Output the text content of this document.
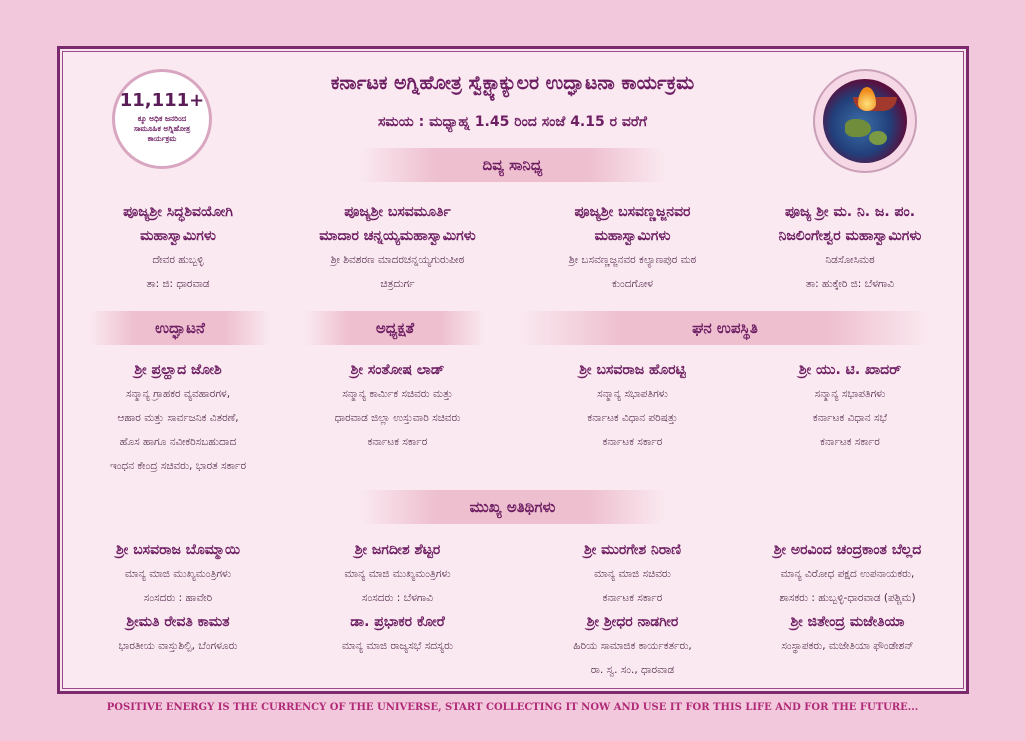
11,111+
ಕ್ಕೂ ಅಧಿಕ ಜನರಿಂದ ಸಾಮೂಹಿಕ ಅಗ್ನಿಹೋತ್ರ ಕಾರ್ಯಕ್ರಮ
ಕರ್ನಾಟಕ ಅಗ್ನಿಹೋತ್ರ ಸ್ವೆಕ್ಟ್ಯಾಕ್ಯುಲರ ಉದ್ಘಾಟನಾ ಕಾರ್ಯಕ್ರಮ
ಸಮಯ : ಮಧ್ಯಾಹ್ನ 1.45 ರಿಂದ ಸಂಜೆ 4.15 ರ ವರೆಗೆ
ದಿವ್ಯ ಸಾನಿಧ್ಯ
ಪೂಜ್ಯಶ್ರೀ ಸಿದ್ಧಶಿವಯೋಗಿ
ಮಹಾಸ್ವಾಮಿಗಳು
ದೇವರ ಹುಬ್ಬಳ್ಳಿ
ತಾ: ಜಿ: ಧಾರವಾಡ
ಪೂಜ್ಯಶ್ರೀ ಬಸವಮೂರ್ತಿ
ಮಾದಾರ ಚನ್ನಯ್ಯಮಹಾಸ್ವಾಮಿಗಳು
ಶ್ರೀ ಶಿವಶರಣ ಮಾದರಚನ್ನಯ್ಯಗುರುಪೀಠ
ಚಿತ್ರದುರ್ಗ
ಪೂಜ್ಯಶ್ರೀ ಬಸವಣ್ಣಜ್ಜನವರ
ಮಹಾಸ್ವಾಮಿಗಳು
ಶ್ರೀ ಬಸವಣ್ಣಜ್ಜನವರ ಕಲ್ಯಾಣಪುರ ಮಠ
ಕುಂದಗೋಳ
ಪೂಜ್ಯ ಶ್ರೀ ಮ. ನಿ. ಜ. ಪಂ.
ನಿಜಲಿಂಗೇಶ್ವರ ಮಹಾಸ್ವಾಮಿಗಳು
ನಿಡಸೋಸಿಮಠ
ತಾ: ಹುಕ್ಕೇರಿ ಜಿ: ಬೆಳಗಾವಿ
ಉದ್ಘಾಟನೆ	ಅಧ್ಯಕ್ಷತೆ	ಘನ ಉಪಸ್ಥಿತಿ
ಶ್ರೀ ಪ್ರಲ್ಹಾದ ಜೋಶಿ
ಸನ್ಮಾನ್ಯ ಗ್ರಾಹಕರ ವ್ಯವಹಾರಗಳ,
ಆಹಾರ ಮತ್ತು ಸಾರ್ವಜನಿಕ ವಿತರಣೆ,
ಹೊಸ ಹಾಗೂ ನವೀಕರಿಸಬಹುದಾದ
ಇಂಧನ ಕೇಂದ್ರ ಸಚಿವರು, ಭಾರತ ಸರ್ಕಾರ
ಶ್ರೀ ಸಂತೋಷ ಲಾಡ್
ಸನ್ಮಾನ್ಯ ಕಾರ್ಮಿಕ ಸಚಿವರು ಮತ್ತು
ಧಾರವಾಡ ಜಿಲ್ಲಾ ಉಸ್ತುವಾರಿ ಸಚಿವರು
ಕರ್ನಾಟಕ ಸರ್ಕಾರ
ಶ್ರೀ ಬಸವರಾಜ ಹೊರಟ್ಟಿ
ಸನ್ಮಾನ್ಯ ಸಭಾಪತಿಗಳು
ಕರ್ನಾಟಕ ವಿಧಾನ ಪರಿಷತ್ತು
ಕರ್ನಾಟಕ ಸರ್ಕಾರ
ಶ್ರೀ ಯು. ಟಿ. ಖಾದರ್
ಸನ್ಮಾನ್ಯ ಸಭಾಪತಿಗಳು
ಕರ್ನಾಟಕ ವಿಧಾನ ಸಭೆ
ಕರ್ನಾಟಕ ಸರ್ಕಾರ
ಮುಖ್ಯ ಅತಿಥಿಗಳು
ಶ್ರೀ ಬಸವರಾಜ ಬೊಮ್ಮಾಯಿ
ಮಾನ್ಯ ಮಾಜಿ ಮುಖ್ಯಮಂತ್ರಿಗಳು
ಸಂಸದರು : ಹಾವೇರಿ
ಶ್ರೀ ಜಗದೀಶ ಶೆಟ್ಟರ
ಮಾನ್ಯ ಮಾಜಿ ಮುಖ್ಯಮಂತ್ರಿಗಳು
ಸಂಸದರು : ಬೆಳಗಾವಿ
ಶ್ರೀ ಮುರಗೇಶ ನಿರಾಣಿ
ಮಾನ್ಯ ಮಾಜಿ ಸಚಿವರು
ಕರ್ನಾಟಕ ಸರ್ಕಾರ
ಶ್ರೀ ಅರವಿಂದ ಚಂದ್ರಕಾಂತ ಬೆಲ್ಲದ
ಮಾನ್ಯ ವಿರೋಧ ಪಕ್ಷದ ಉಪನಾಯಕರು,
ಶಾಸಕರು : ಹುಬ್ಬಳ್ಳಿ-ಧಾರವಾಡ (ಪಶ್ಚಿಮ)
ಶ್ರೀಮತಿ ರೇವತಿ ಕಾಮತ
ಭಾರತೀಯ ವಾಸ್ತುಶಿಲ್ಪಿ, ಬೆಂಗಳೂರು
ಡಾ. ಪ್ರಭಾಕರ ಕೋರೆ
ಮಾನ್ಯ ಮಾಜಿ ರಾಜ್ಯಸಭೆ ಸದಸ್ಯರು
ಶ್ರೀ ಶ್ರೀಧರ ನಾಡಗೀರ
ಹಿರಿಯ ಸಾಮಾಜಿಕ ಕಾರ್ಯಕರ್ತರು,
ರಾ. ಸ್ವ. ಸಂ., ಧಾರವಾಡ
ಶ್ರೀ ಜಿತೇಂದ್ರ ಮಜೇತಿಯಾ
ಸಂಸ್ಥಾಪಕರು, ಮಜೇತಿಯಾ ಫೌಂಡೇಶನ್
POSITIVE ENERGY IS THE CURRENCY OF THE UNIVERSE, START COLLECTING IT NOW AND USE IT FOR THIS LIFE AND FOR THE FUTURE...
